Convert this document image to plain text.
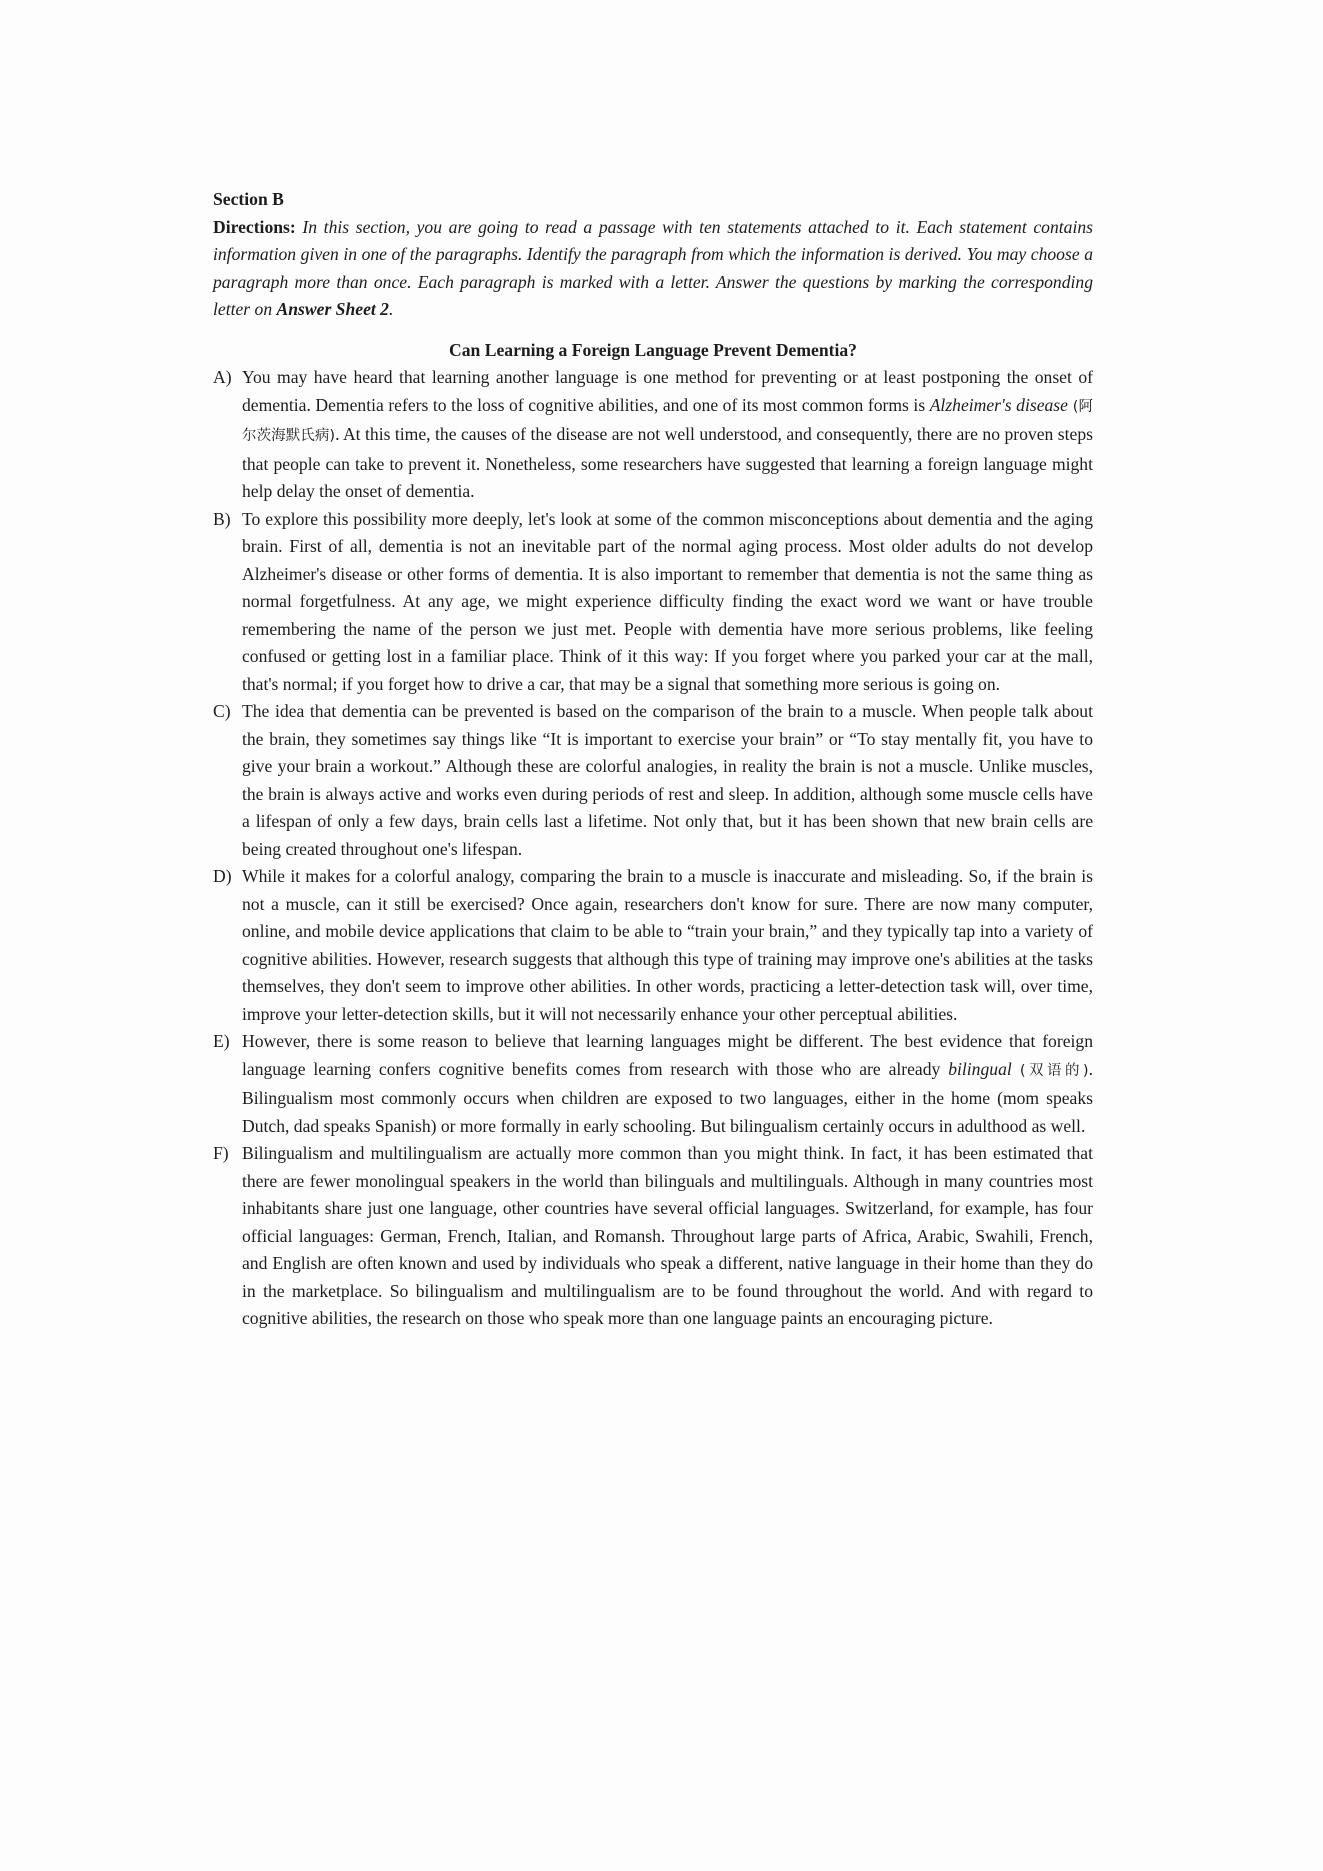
Section B

Directions: In this section, you are going to read a passage with ten statements attached to it. Each statement contains information given in one of the paragraphs. Identify the paragraph from which the information is derived. You may choose a paragraph more than once. Each paragraph is marked with a letter. Answer the questions by marking the corresponding letter on Answer Sheet 2.

Can Learning a Foreign Language Prevent Dementia?

A) You may have heard that learning another language is one method for preventing or at least postponing the onset of dementia. Dementia refers to the loss of cognitive abilities, and one of its most common forms is Alzheimer's disease (阿尔茨海默氏病). At this time, the causes of the disease are not well understood, and consequently, there are no proven steps that people can take to prevent it. Nonetheless, some researchers have suggested that learning a foreign language might help delay the onset of dementia.

B) To explore this possibility more deeply, let's look at some of the common misconceptions about dementia and the aging brain. First of all, dementia is not an inevitable part of the normal aging process. Most older adults do not develop Alzheimer's disease or other forms of dementia. It is also important to remember that dementia is not the same thing as normal forgetfulness. At any age, we might experience difficulty finding the exact word we want or have trouble remembering the name of the person we just met. People with dementia have more serious problems, like feeling confused or getting lost in a familiar place. Think of it this way: If you forget where you parked your car at the mall, that's normal; if you forget how to drive a car, that may be a signal that something more serious is going on.

C) The idea that dementia can be prevented is based on the comparison of the brain to a muscle. When people talk about the brain, they sometimes say things like “It is important to exercise your brain” or “To stay mentally fit, you have to give your brain a workout.” Although these are colorful analogies, in reality the brain is not a muscle. Unlike muscles, the brain is always active and works even during periods of rest and sleep. In addition, although some muscle cells have a lifespan of only a few days, brain cells last a lifetime. Not only that, but it has been shown that new brain cells are being created throughout one's lifespan.

D) While it makes for a colorful analogy, comparing the brain to a muscle is inaccurate and misleading. So, if the brain is not a muscle, can it still be exercised? Once again, researchers don't know for sure. There are now many computer, online, and mobile device applications that claim to be able to “train your brain,” and they typically tap into a variety of cognitive abilities. However, research suggests that although this type of training may improve one's abilities at the tasks themselves, they don't seem to improve other abilities. In other words, practicing a letter-detection task will, over time, improve your letter-detection skills, but it will not necessarily enhance your other perceptual abilities.

E) However, there is some reason to believe that learning languages might be different. The best evidence that foreign language learning confers cognitive benefits comes from research with those who are already bilingual (双语的). Bilingualism most commonly occurs when children are exposed to two languages, either in the home (mom speaks Dutch, dad speaks Spanish) or more formally in early schooling. But bilingualism certainly occurs in adulthood as well.

F) Bilingualism and multilingualism are actually more common than you might think. In fact, it has been estimated that there are fewer monolingual speakers in the world than bilinguals and multilinguals. Although in many countries most inhabitants share just one language, other countries have several official languages. Switzerland, for example, has four official languages: German, French, Italian, and Romansh. Throughout large parts of Africa, Arabic, Swahili, French, and English are often known and used by individuals who speak a different, native language in their home than they do in the marketplace. So bilingualism and multilingualism are to be found throughout the world. And with regard to cognitive abilities, the research on those who speak more than one language paints an encouraging picture.
